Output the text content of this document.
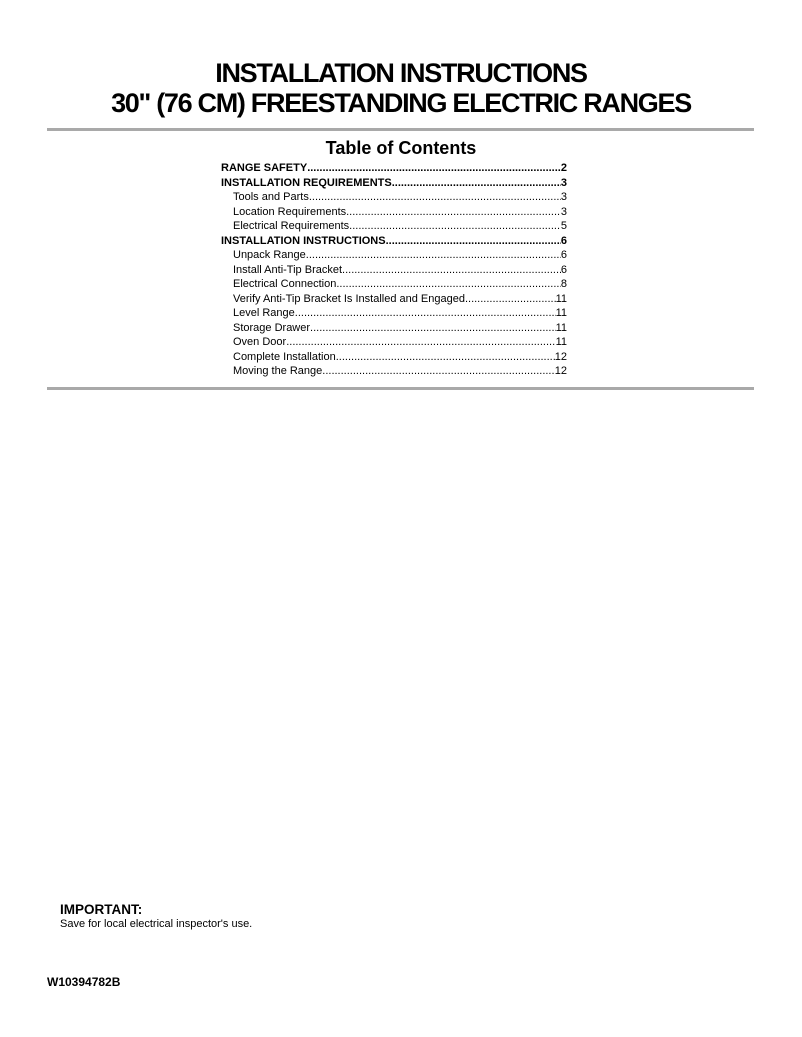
INSTALLATION INSTRUCTIONS
30" (76 CM) FREESTANDING ELECTRIC RANGES
Table of Contents
RANGE SAFETY .....	2
INSTALLATION REQUIREMENTS .....	3
Tools and Parts .....	3
Location Requirements .....	3
Electrical Requirements .....	5
INSTALLATION INSTRUCTIONS .....	6
Unpack Range .....	6
Install Anti-Tip Bracket .....	6
Electrical Connection .....	8
Verify Anti-Tip Bracket Is Installed and Engaged .....	11
Level Range .....	11
Storage Drawer .....	11
Oven Door .....	11
Complete Installation .....	12
Moving the Range .....	12
IMPORTANT:
Save for local electrical inspector's use.
W10394782B
